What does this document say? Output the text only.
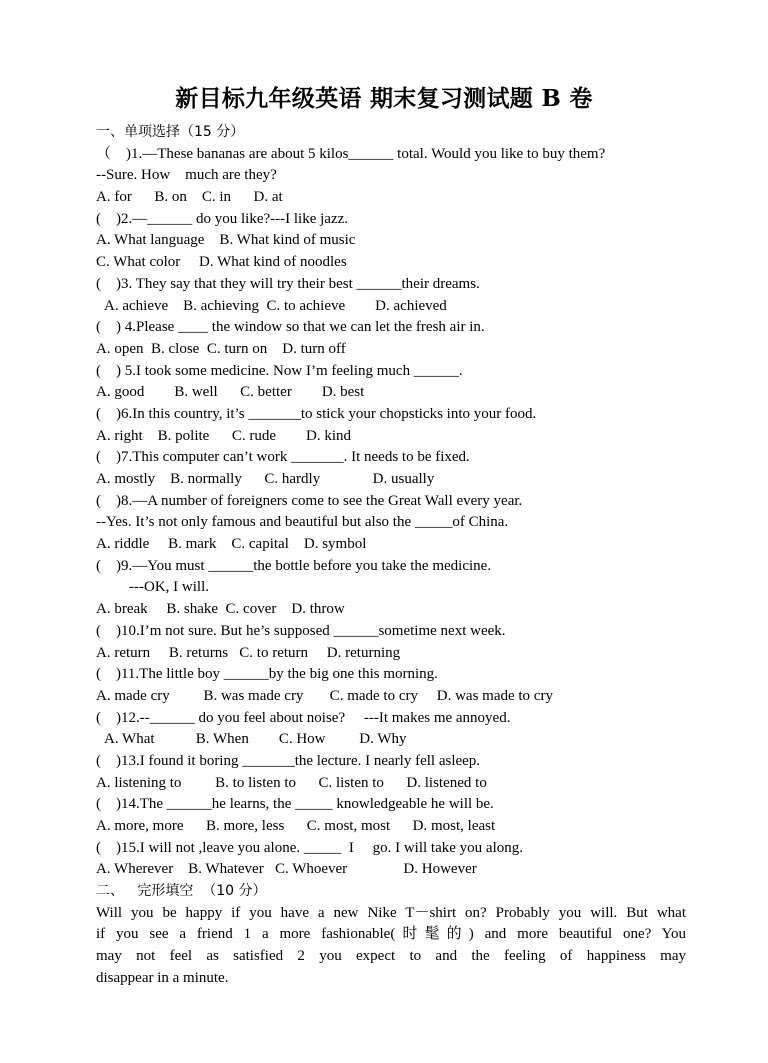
新目标九年级英语 期末复习测试题 B 卷
一、单项选择（15 分）
（    )1.—These bananas are about 5 kilos______ total. Would you like to buy them?
--Sure. How    much are they?
A. for      B. on    C. in      D. at
(    )2.—______ do you like?---I like jazz.
A. What language    B. What kind of music
C. What color     D. What kind of noodles
(    )3. They say that they will try their best ______their dreams.
A. achieve    B. achieving  C. to achieve        D. achieved
(    ) 4.Please ____ the window so that we can let the fresh air in.
A. open  B. close  C. turn on    D. turn off
(    ) 5.I took some medicine. Now I’m feeling much ______.
A. good        B. well      C. better        D. best
(    )6.In this country, it’s _______to stick your chopsticks into your food.
A. right    B. polite      C. rude        D. kind
(    )7.This computer can’t work _______. It needs to be fixed.
A. mostly    B. normally      C. hardly              D. usually
(    )8.—A number of foreigners come to see the Great Wall every year.
--Yes. It’s not only famous and beautiful but also the _____of China.
A. riddle     B. mark    C. capital    D. symbol
(    )9.—You must ______the bottle before you take the medicine.
---OK, I will.
A. break     B. shake  C. cover    D. throw
(    )10.I’m not sure. But he’s supposed ______sometime next week.
A. return     B. returns   C. to return     D. returning
(    )11.The little boy ______by the big one this morning.
A. made cry         B. was made cry       C. made to cry     D. was made to cry
(    )12.--______ do you feel about noise?     ---It makes me annoyed.
A. What           B. When        C. How         D. Why
(    )13.I found it boring _______the lecture. I nearly fell asleep.
A. listening to         B. to listen to      C. listen to      D. listened to
(    )14.The ______he learns, the _____ knowledgeable he will be.
A. more, more      B. more, less      C. most, most      D. most, least
(    )15.I will not ,leave you alone. _____  I     go. I will take you along.
A. Wherever    B. Whatever   C. Whoever               D. However
二、   完形填空  （10 分）
Will you be happy if you have a new Nike T－shirt on? Probably you will. But what
if you see a friend 1 a more fashionable(时髦的) and more beautiful one? You
may not feel as satisfied 2 you expect to and the feeling of happiness may
disappear in a minute.
